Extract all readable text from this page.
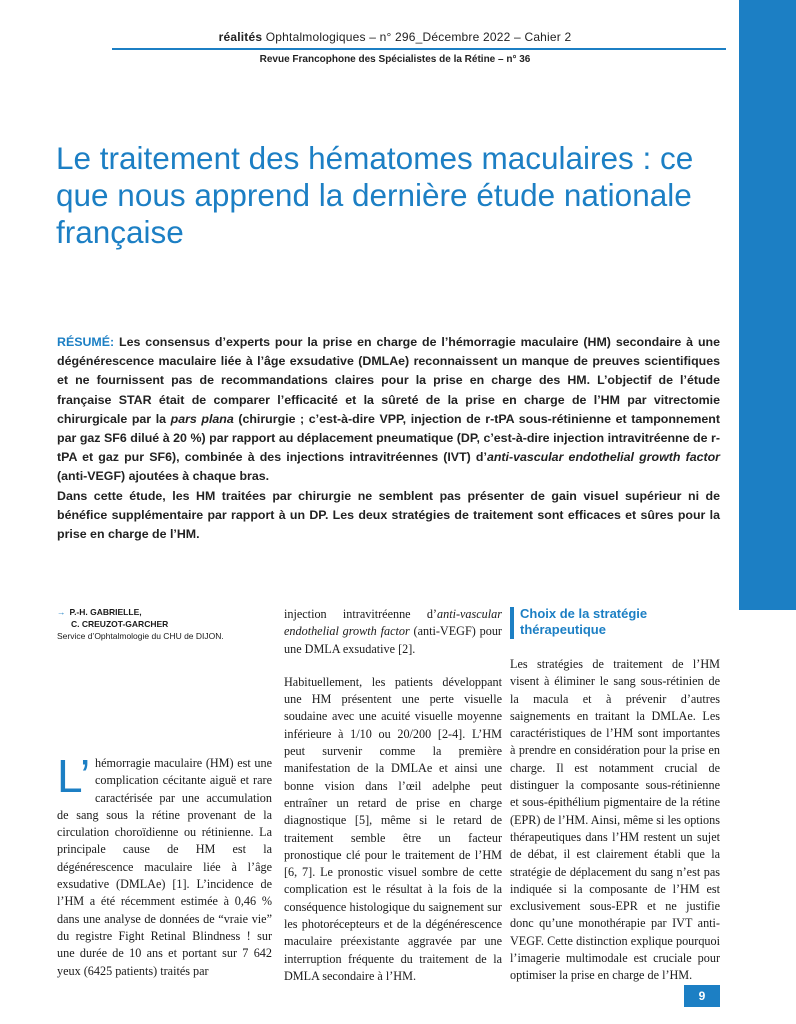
réalités Ophtalmologiques – n° 296_Décembre 2022 – Cahier 2
Revue Francophone des Spécialistes de la Rétine – n° 36
Le traitement des hématomes maculaires : ce que nous apprend la dernière étude nationale française
RÉSUMÉ: Les consensus d’experts pour la prise en charge de l’hémorragie maculaire (HM) secondaire à une dégénérescence maculaire liée à l’âge exsudative (DMLAe) reconnaissent un manque de preuves scientifiques et ne fournissent pas de recommandations claires pour la prise en charge des HM. L’objectif de l’étude française STAR était de comparer l’efficacité et la sûreté de la prise en charge de l’HM par vitrectomie chirurgicale par la pars plana (chirurgie ; c’est-à-dire VPP, injection de r-tPA sous-rétinienne et tamponnement par gaz SF6 dilué à 20 %) par rapport au déplacement pneumatique (DP, c’est-à-dire injection intravitréenne de r-tPA et gaz pur SF6), combinée à des injections intravitréennes (IVT) d’anti-vascular endothelial growth factor (anti-VEGF) ajoutées à chaque bras.
Dans cette étude, les HM traitées par chirurgie ne semblent pas présenter de gain visuel supérieur ni de bénéfice supplémentaire par rapport à un DP. Les deux stratégies de traitement sont efficaces et sûres pour la prise en charge de l’HM.
→ P.-H. GABRIELLE,
C. CREUZOT-GARCHER
Service d’Ophtalmologie du CHU de DIJON.
L’ hémorragie maculaire (HM) est une complication cécitante aiguë et rare caractérisée par une accumulation de sang sous la rétine provenant de la circulation choroïdienne ou rétinienne. La principale cause de HM est la dégénérescence maculaire liée à l’âge exsudative (DMLAe) [1]. L’incidence de l’HM a été récemment estimée à 0,46 % dans une analyse de données de “vraie vie” du registre Fight Retinal Blindness ! sur une durée de 10 ans et portant sur 7 642 yeux (6425 patients) traités par

injection intravitréenne d’anti-vascular endothelial growth factor (anti-VEGF) pour une DMLA exsudative [2].

Habituellement, les patients développant une HM présentent une perte visuelle soudaine avec une acuité visuelle moyenne inférieure à 1/10 ou 20/200 [2-4]. L’HM peut survenir comme la première manifestation de la DMLAe et ainsi une bonne vision dans l’œil adelphe peut entraîner un retard de prise en charge diagnostique [5], même si le retard de traitement semble être un facteur pronostique clé pour le traitement de l’HM [6, 7]. Le pronostic visuel sombre de cette complication est le résultat à la fois de la conséquence histologique du saignement sur les photorécepteurs et de la dégénérescence maculaire préexistante aggravée par une interruption fréquente du traitement de la DMLA secondaire à l’HM.

Choix de la stratégie thérapeutique

Les stratégies de traitement de l’HM visent à éliminer le sang sous-rétinien de la macula et à prévenir d’autres saignements en traitant la DMLAe. Les caractéristiques de l’HM sont importantes à prendre en considération pour la prise en charge. Il est notamment crucial de distinguer la composante sous-rétinienne et sous-épithélium pigmentaire de la rétine (EPR) de l’HM. Ainsi, même si les options thérapeutiques dans l’HM restent un sujet de débat, il est clairement établi que la stratégie de déplacement du sang n’est pas indiquée si la composante de l’HM est exclusivement sous-EPR et ne justifie donc qu’une monothérapie par IVT anti-VEGF. Cette distinction explique pourquoi l’imagerie multimodale est cruciale pour optimiser la prise en charge de l’HM.

9
